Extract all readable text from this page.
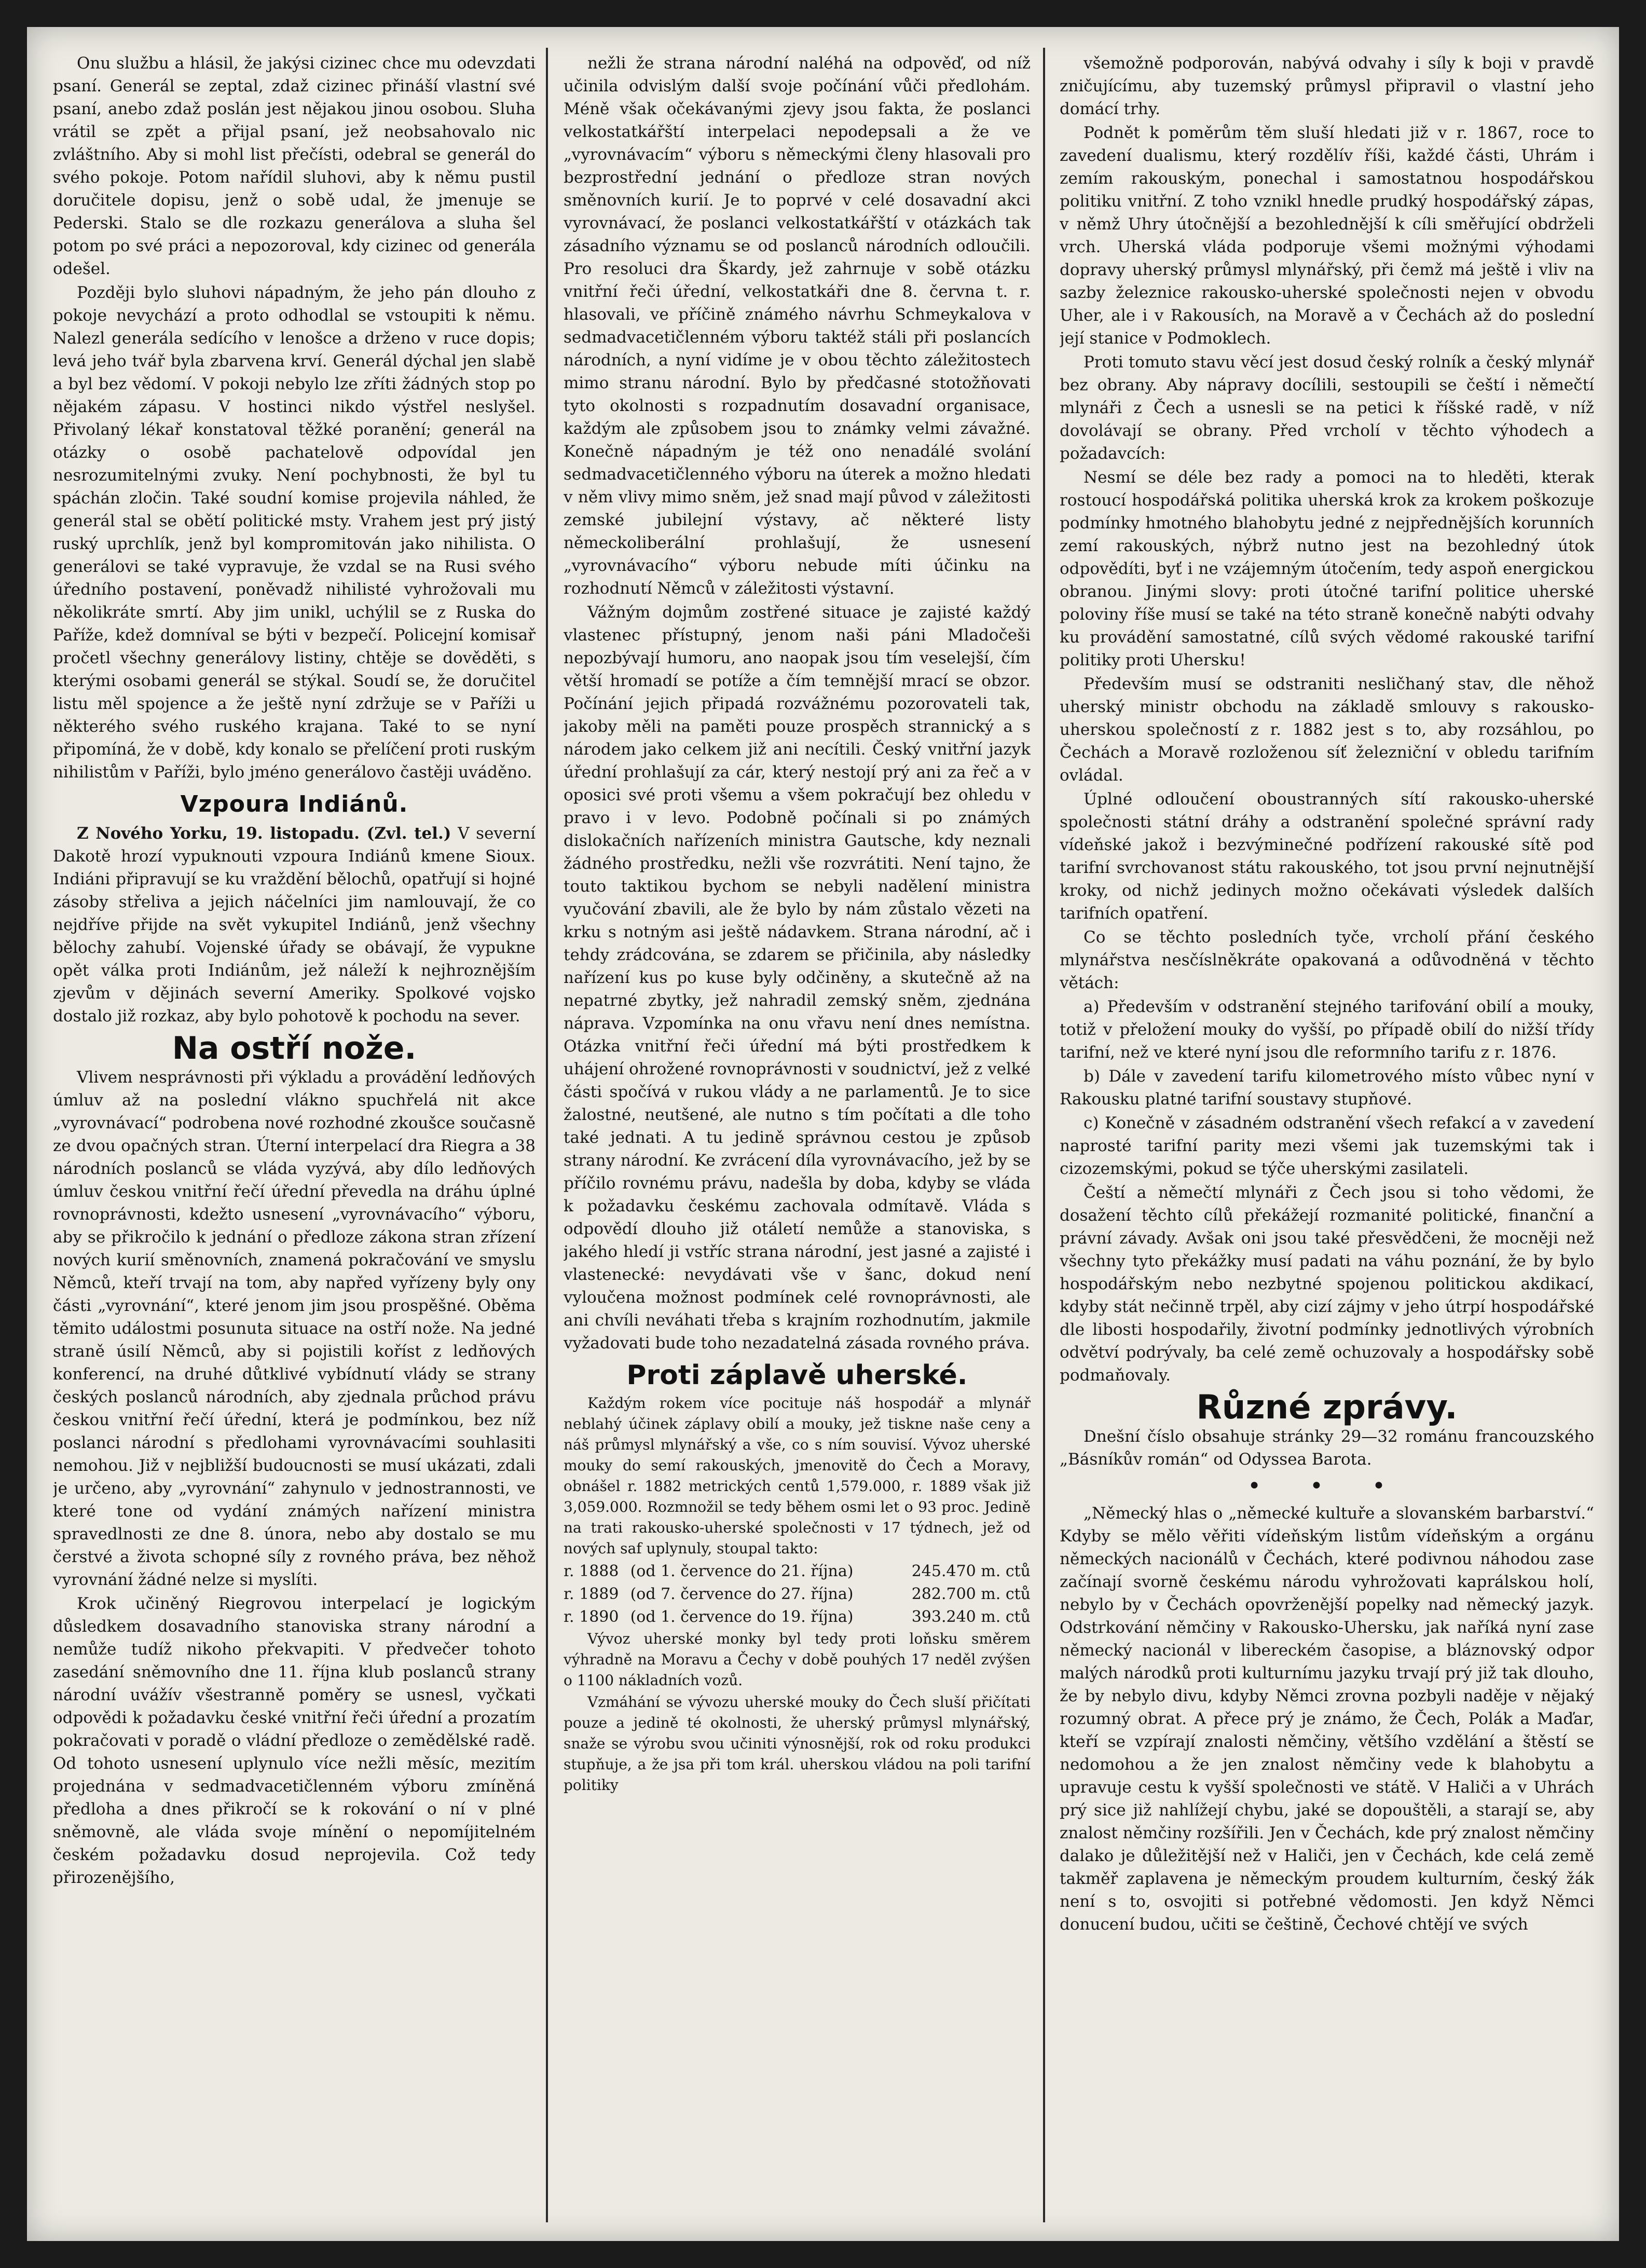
Onu službu a hlásil, že jakýsi cizinec chce mu odevzdati psaní. Generál se zeptal, zdaž cizinec přináší vlastní své psaní, anebo zdaž poslán jest nějakou jinou osobou. Sluha vrátil se zpět a přijal psaní, jež neobsahovalo nic zvláštního. Aby si mohl list přečísti, odebral se generál do svého pokoje. Potom nařídil sluhovi, aby k němu pustil doručitele dopisu, jenž o sobě udal, že jmenuje se Pederski. Stalo se dle rozkazu generálova a sluha šel potom po své práci a nepozoroval, kdy cizinec od generála odešel.

Později bylo sluhovi nápadným, že jeho pán dlouho z pokoje nevychází a proto odhodlal se vstoupiti k němu. Nalezl generála sedícího v lenošce a drženo v ruce dopis; levá jeho tvář byla zbarvena krví. Generál dýchal jen slabě a byl bez vědomí. V pokoji nebylo lze zříti žádných stop po nějakém zápasu. V hostinci nikdo výstřel neslyšel. Přivolaný lékař konstatoval těžké poranění; generál na otázky o osobě pachatelově odpovídal jen nesrozumitelnými zvuky. Není pochybnosti, že byl tu spáchán zločin. Také soudní komise projevila náhled, že generál stal se obětí politické msty. Vrahem jest prý jistý ruský uprchlík, jenž byl kompromitován jako nihilista. O generálovi se také vypravuje, že vzdal se na Rusi svého úředního postavení, poněvadž nihilisté vyhrožovali mu několikráte smrtí. Aby jim unikl, uchýlil se z Ruska do Paříže, kdež domníval se býti v bezpečí. Policejní komisař pročetl všechny generálovy listiny, chtěje se dověděti, s kterými osobami generál se stýkal. Soudí se, že doručitel listu měl spojence a že ještě nyní zdržuje se v Paříži u některého svého ruského krajana. Také to se nyní připomíná, že v době, kdy konalo se přelíčení proti ruským nihilistům v Paříži, bylo jméno generálovo častěji uváděno.

Vzpoura Indiánů.

Z Nového Yorku, 19. listopadu. (Zvl. tel.) V severní Dakotě hrozí vypuknouti vzpoura Indiánů kmene Sioux. Indiáni připravují se ku vraždění bělochů, opatřují si hojné zásoby střeliva a jejich náčelníci jim namlouvají, že co nejdříve přijde na svět vykupitel Indiánů, jenž všechny bělochy zahubí. Vojenské úřady se obávají, že vypukne opět válka proti Indiánům, jež náleží k nejhroznějším zjevům v dějinách severní Ameriky. Spolkové vojsko dostalo již rozkaz, aby bylo pohotově k pochodu na sever.

Na ostří nože.

Vlivem nesprávnosti při výkladu a provádění ledňových úmluv až na poslední vlákno spuchřelá nit akce „vyrovnávací“ podrobena nové rozhodné zkoušce současně ze dvou opačných stran. Úterní interpelací dra Riegra a 38 národních poslanců se vláda vyzývá, aby dílo ledňových úmluv českou vnitřní řečí úřední převedla na dráhu úplné rovnoprávnosti, kdežto usnesení „vyrovnávacího“ výboru, aby se přikročilo k jednání o předloze zákona stran zřízení nových kurií směnovních, znamená pokračování ve smyslu Němců, kteří trvají na tom, aby napřed vyřízeny byly ony části „vyrovnání“, které jenom jim jsou prospěšné. Oběma těmito událostmi posunuta situace na ostří nože. Na jedné straně úsilí Němců, aby si pojistili koříst z ledňových konferencí, na druhé důtklivé vybídnutí vlády se strany českých poslanců národních, aby zjednala průchod právu českou vnitřní řečí úřední, která je podmínkou, bez níž poslanci národní s předlohami vyrovnávacími souhlasiti nemohou. Již v nejbližší budoucnosti se musí ukázati, zdali je určeno, aby „vyrovnání“ zahynulo v jednostrannosti, ve které tone od vydání známých nařízení ministra spravedlnosti ze dne 8. února, nebo aby dostalo se mu čerstvé a života schopné síly z rovného práva, bez něhož vyrovnání žádné nelze si myslíti.

Krok učiněný Riegrovou interpelací je logickým důsledkem dosavadního stanoviska strany národní a nemůže tudíž nikoho překvapiti. V předvečer tohoto zasedání sněmovního dne 11. října klub poslanců strany národní uvážív všestranně poměry se usnesl, vyčkati odpovědi k požadavku české vnitřní řeči úřední a prozatím pokračovati v poradě o vládní předloze o zemědělské radě. Od tohoto usnesení uplynulo více nežli měsíc, mezitím projednána v sedmadvacetičlenném výboru zmíněná předloha a dnes přikročí se k rokování o ní v plné sněmovně, ale vláda svoje mínění o nepomíjitelném českém požadavku dosud neprojevila. Což tedy přirozenějšího,

nežli že strana národní naléhá na odpověď, od níž učinila odvislým další svoje počínání vůči předlohám. Méně však očekávanými zjevy jsou fakta, že poslanci velkostatkářští interpelaci nepodepsali a že ve „vyrovnávacím“ výboru s německými členy hlasovali pro bezprostřední jednání o předloze stran nových směnovních kurií. Je to poprvé v celé dosavadní akci vyrovnávací, že poslanci velkostatkářští v otázkách tak zásadního významu se od poslanců národních odloučili. Pro resoluci dra Škardy, jež zahrnuje v sobě otázku vnitřní řeči úřední, velkostatkáři dne 8. června t. r. hlasovali, ve příčině známého návrhu Schmeykalova v sedmadvacetičlenném výboru taktéž stáli při poslancích národních, a nyní vidíme je v obou těchto záležitostech mimo stranu národní. Bylo by předčasné stotožňovati tyto okolnosti s rozpadnutím dosavadní organisace, každým ale způsobem jsou to známky velmi závažné. Konečně nápadným je též ono nenadálé svolání sedmadvacetičlenného výboru na úterek a možno hledati v něm vlivy mimo sněm, jež snad mají původ v záležitosti zemské jubilejní výstavy, ač některé listy německoliberální prohlašují, že usnesení „vyrovnávacího“ výboru nebude míti účinku na rozhodnutí Němců v záležitosti výstavní.

Vážným dojmům zostřené situace je zajisté každý vlastenec přístupný, jenom naši páni Mladočeši nepozbývají humoru, ano naopak jsou tím veselejší, čím větší hromadí se potíže a čím temnější mrací se obzor. Počínání jejich připadá rozvážnému pozorovateli tak, jakoby měli na paměti pouze prospěch strannický a s národem jako celkem již ani necítili. Český vnitřní jazyk úřední prohlašují za cár, který nestojí prý ani za řeč a v oposici své proti všemu a všem pokračují bez ohledu v pravo i v levo. Podobně počínali si po známých dislokačních nařízeních ministra Gautsche, kdy neznali žádného prostředku, nežli vše rozvrátiti. Není tajno, že touto taktikou bychom se nebyli nadělení ministra vyučování zbavili, ale že bylo by nám zůstalo vězeti na krku s notným asi ještě nádavkem. Strana národní, ač i tehdy zrádcována, se zdarem se přičinila, aby následky nařízení kus po kuse byly odčiněny, a skutečně až na nepatrné zbytky, jež nahradil zemský sněm, zjednána náprava. Vzpomínka na onu vřavu není dnes nemístna. Otázka vnitřní řeči úřední má býti prostředkem k uhájení ohrožené rovnoprávnosti v soudnictví, jež z velké části spočívá v rukou vlády a ne parlamentů. Je to sice žalostné, neutšené, ale nutno s tím počítati a dle toho také jednati. A tu jedině správnou cestou je způsob strany národní. Ke zvrácení díla vyrovnávacího, jež by se příčilo rovnému právu, nadešla by doba, kdyby se vláda k požadavku českému zachovala odmítavě. Vláda s odpovědí dlouho již otáletí nemůže a stanoviska, s jakého hledí ji vstříc strana národní, jest jasné a zajisté i vlastenecké: nevydávati vše v šanc, dokud není vyloučena možnost podmínek celé rovnoprávnosti, ale ani chvíli neváhati třeba s krajním rozhodnutím, jakmile vyžadovati bude toho nezadatelná zásada rovného práva.

Proti záplavě uherské.

Každým rokem více pocituje náš hospodář a mlynář neblahý účinek záplavy obilí a mouky, jež tiskne naše ceny a náš průmysl mlynářský a vše, co s ním souvisí. Vývoz uherské mouky do semí rakouských, jmenovitě do Čech a Moravy, obnášel r. 1882 metrických centů 1,579.000, r. 1889 však již 3,059.000. Rozmnožil se tedy během osmi let o 93 proc. Jedině na trati rakousko-uherské společnosti v 17 týdnech, jež od nových saf uplynuly, stoupal takto:

r. 1888 (od 1. července do 21. října)	245.470 m. ctů
r. 1889 (od 7. července do 27. října)	282.700 m. ctů
r. 1890 (od 1. července do 19. října)	393.240 m. ctů

Vývoz uherské monky byl tedy proti loňsku směrem výhradně na Moravu a Čechy v době pouhých 17 neděl zvýšen o 1100 nákladních vozů.

Vzmáhání se vývozu uherské mouky do Čech sluší přičítati pouze a jedině té okolnosti, že uherský průmysl mlynářský, snaže se výrobu svou učiniti výnosnější, rok od roku produkci stupňuje, a že jsa při tom král. uherskou vládou na poli tarifní politiky

všemožně podporován, nabývá odvahy i síly k boji v pravdě zničujícímu, aby tuzemský průmysl připravil o vlastní jeho domácí trhy.

Podnět k poměrům těm sluší hledati již v r. 1867, roce to zavedení dualismu, který rozdělív říši, každé části, Uhrám i zemím rakouským, ponechal i samostatnou hospodářskou politiku vnitřní. Z toho vznikl hnedle prudký hospodářský zápas, v němž Uhry útočnější a bezohlednější k cíli směřující obdrželi vrch. Uherská vláda podporuje všemi možnými výhodami dopravy uherský průmysl mlynářský, při čemž má ještě i vliv na sazby železnice rakousko-uherské společnosti nejen v obvodu Uher, ale i v Rakousích, na Moravě a v Čechách až do poslední její stanice v Podmoklech.

Proti tomuto stavu věcí jest dosud český rolník a český mlynář bez obrany. Aby nápravy docílili, sestoupili se čeští i němečtí mlynáři z Čech a usnesli se na petici k říšské radě, v níž dovolávají se obrany. Před vrcholí v těchto výhodech a požadavcích:

Nesmí se déle bez rady a pomoci na to hleděti, kterak rostoucí hospodářská politika uherská krok za krokem poškozuje podmínky hmotného blahobytu jedné z nejpřednějších korunních zemí rakouských, nýbrž nutno jest na bezohledný útok odpovědíti, byť i ne vzájemným útočením, tedy aspoň energickou obranou. Jinými slovy: proti útočné tarifní politice uherské poloviny říše musí se také na této straně konečně nabýti odvahy ku provádění samostatné, cílů svých vědomé rakouské tarifní politiky proti Uhersku!

Především musí se odstraniti nesličhaný stav, dle něhož uherský ministr obchodu na základě smlouvy s rakousko-uherskou společností z r. 1882 jest s to, aby rozsáhlou, po Čechách a Moravě rozloženou síť železniční v obledu tarifním ovládal.

Úplné odloučení oboustranných sítí rakousko-uherské společnosti státní dráhy a odstranění společné správní rady vídeňské jakož i bezvýminečné podřízení rakouské sítě pod tarifní svrchovanost státu rakouského, tot jsou první nejnutnější kroky, od nichž jedinych možno očekávati výsledek dalších tarifních opatření.

Co se těchto posledních tyče, vrcholí přání českého mlynářstva nesčíslněkráte opakovaná a odůvodněná v těchto větách:

a) Především v odstranění stejného tarifování obilí a mouky, totiž v přeložení mouky do vyšší, po případě obilí do nižší třídy tarifní, než ve které nyní jsou dle reformního tarifu z r. 1876.

b) Dále v zavedení tarifu kilometrového místo vůbec nyní v Rakousku platné tarifní soustavy stupňové.

c) Konečně v zásadném odstranění všech refakcí a v zavedení naprosté tarifní parity mezi všemi jak tuzemskými tak i cizozemskými, pokud se týče uherskými zasilateli.

Čeští a němečtí mlynáři z Čech jsou si toho vědomi, že dosažení těchto cílů překážejí rozmanité politické, finanční a právní závady. Avšak oni jsou také přesvědčeni, že mocněji než všechny tyto překážky musí padati na váhu poznání, že by bylo hospodářským nebo nezbytné spojenou politickou akdikací, kdyby stát nečinně trpěl, aby cizí zájmy v jeho útrpí hospodářské dle libosti hospodařily, životní podmínky jednotlivých výrobních odvětví podrývaly, ba celé země ochuzovaly a hospodářsky sobě podmaňovaly.

Různé zprávy.

Dnešní číslo obsahuje stránky 29—32 románu francouzského „Básníkův román“ od Odyssea Barota.

• • •

„Německý hlas o „německé kultuře a slovanském barbarství.“ Kdyby se mělo věřiti vídeňským listům vídeňským a orgánu německých nacionálů v Čechách, které podivnou náhodou zase začínají svorně českému národu vyhrožovati kaprálskou holí, nebylo by v Čechách opovrženější popelky nad německý jazyk. Odstrkování němčiny v Rakousko-Uhersku, jak naříká nyní zase německý nacionál v libereckém časopise, a bláznovský odpor malých národků proti kulturnímu jazyku trvají prý již tak dlouho, že by nebylo divu, kdyby Němci zrovna pozbyli naděje v nějaký rozumný obrat. A přece prý je známo, že Čech, Polák a Maďar, kteří se vzpírají znalosti němčiny, většího vzdělání a štěstí se nedomohou a že jen znalost němčiny vede k blahobytu a upravuje cestu k vyšší společnosti ve státě. V Haliči a v Uhrách prý sice již nahlížejí chybu, jaké se dopouštěli, a starají se, aby znalost němčiny rozšířili. Jen v Čechách, kde prý znalost němčiny dalako je důležitější než v Haliči, jen v Čechách, kde celá země takměř zaplavena je německým proudem kulturním, český žák není s to, osvojiti si potřebné vědomosti. Jen když Němci donucení budou, učiti se češtině, Čechové chtějí ve svých
